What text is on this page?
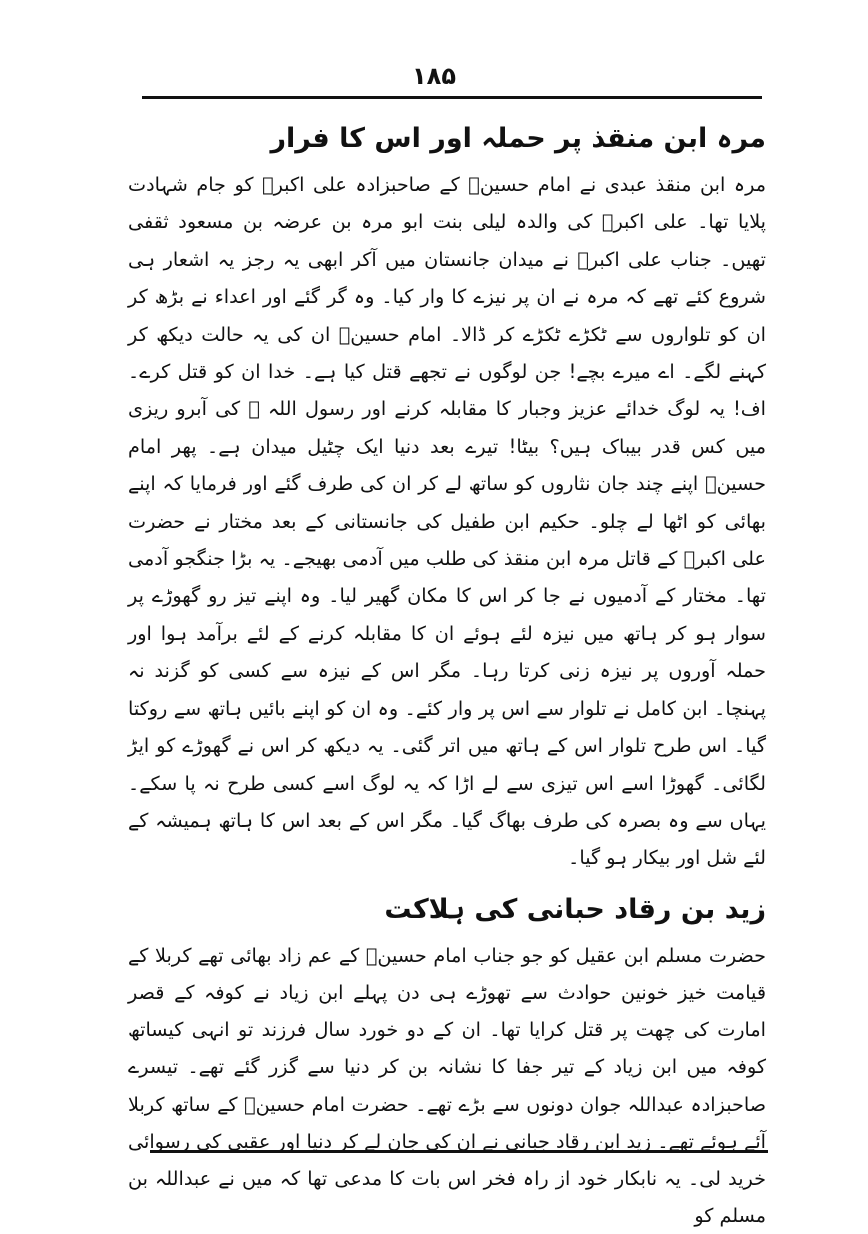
۱۸۵
مرہ ابن منقذ پر حملہ اور اس کا فرار

مرہ ابن منقذ عبدی نے امام حسینؑ کے صاحبزادہ علی اکبرؑ کو جام شہادت پلایا تھا۔ علی اکبرؑ کی والدہ لیلی بنت ابو مرہ بن عرضہ بن مسعود ثقفی تھیں۔ جناب علی اکبرؑ نے میدان جانستان میں آکر ابھی یہ رجز یہ اشعار ہی شروع کئے تھے کہ مرہ نے ان پر نیزے کا وار کیا۔ وہ گر گئے اور اعداء نے بڑھ کر ان کو تلواروں سے ٹکڑے ٹکڑے کر ڈالا۔ امام حسینؑ ان کی یہ حالت دیکھ کر کہنے لگے۔ اے میرے بچے! جن لوگوں نے تجھے قتل کیا ہے۔ خدا ان کو قتل کرے۔ اف! یہ لوگ خدائے عزیز وجبار کا مقابلہ کرنے اور رسول اللہ ﷺ کی آبرو ریزی میں کس قدر بیباک ہیں؟ بیٹا! تیرے بعد دنیا ایک چٹیل میدان ہے۔ پھر امام حسینؑ اپنے چند جان نثاروں کو ساتھ لے کر ان کی طرف گئے اور فرمایا کہ اپنے بھائی کو اٹھا لے چلو۔ حکیم ابن طفیل کی جانستانی کے بعد مختار نے حضرت علی اکبرؑ کے قاتل مرہ ابن منقذ کی طلب میں آدمی بھیجے۔ یہ بڑا جنگجو آدمی تھا۔ مختار کے آدمیوں نے جا کر اس کا مکان گھیر لیا۔ وہ اپنے تیز رو گھوڑے پر سوار ہو کر ہاتھ میں نیزہ لئے ہوئے ان کا مقابلہ کرنے کے لئے برآمد ہوا اور حملہ آوروں پر نیزہ زنی کرتا رہا۔ مگر اس کے نیزہ سے کسی کو گزند نہ پہنچا۔ ابن کامل نے تلوار سے اس پر وار کئے۔ وہ ان کو اپنے بائیں ہاتھ سے روکتا گیا۔ اس طرح تلوار اس کے ہاتھ میں اتر گئی۔ یہ دیکھ کر اس نے گھوڑے کو ایڑ لگائی۔ گھوڑا اسے اس تیزی سے لے اڑا کہ یہ لوگ اسے کسی طرح نہ پا سکے۔ یہاں سے وہ بصرہ کی طرف بھاگ گیا۔ مگر اس کے بعد اس کا ہاتھ ہمیشہ کے لئے شل اور بیکار ہو گیا۔

زید بن رقاد حبانی کی ہلاکت

حضرت مسلم ابن عقیل کو جو جناب امام حسینؑ کے عم زاد بھائی تھے کربلا کے قیامت خیز خونین حوادث سے تھوڑے ہی دن پہلے ابن زیاد نے کوفہ کے قصر امارت کی چھت پر قتل کرایا تھا۔ ان کے دو خورد سال فرزند تو انہی کیساتھ کوفہ میں ابن زیاد کے تیر جفا کا نشانہ بن کر دنیا سے گزر گئے تھے۔ تیسرے صاحبزادہ عبداللہ جوان دونوں سے بڑے تھے۔ حضرت امام حسینؑ کے ساتھ کربلا آئے ہوئے تھے۔ زید ابن رقاد جبانی نے ان کی جان لے کر دنیا اور عقبی کی رسوائی خرید لی۔ یہ نابکار خود از راہ فخر اس بات کا مدعی تھا کہ میں نے عبداللہ بن مسلم کو
